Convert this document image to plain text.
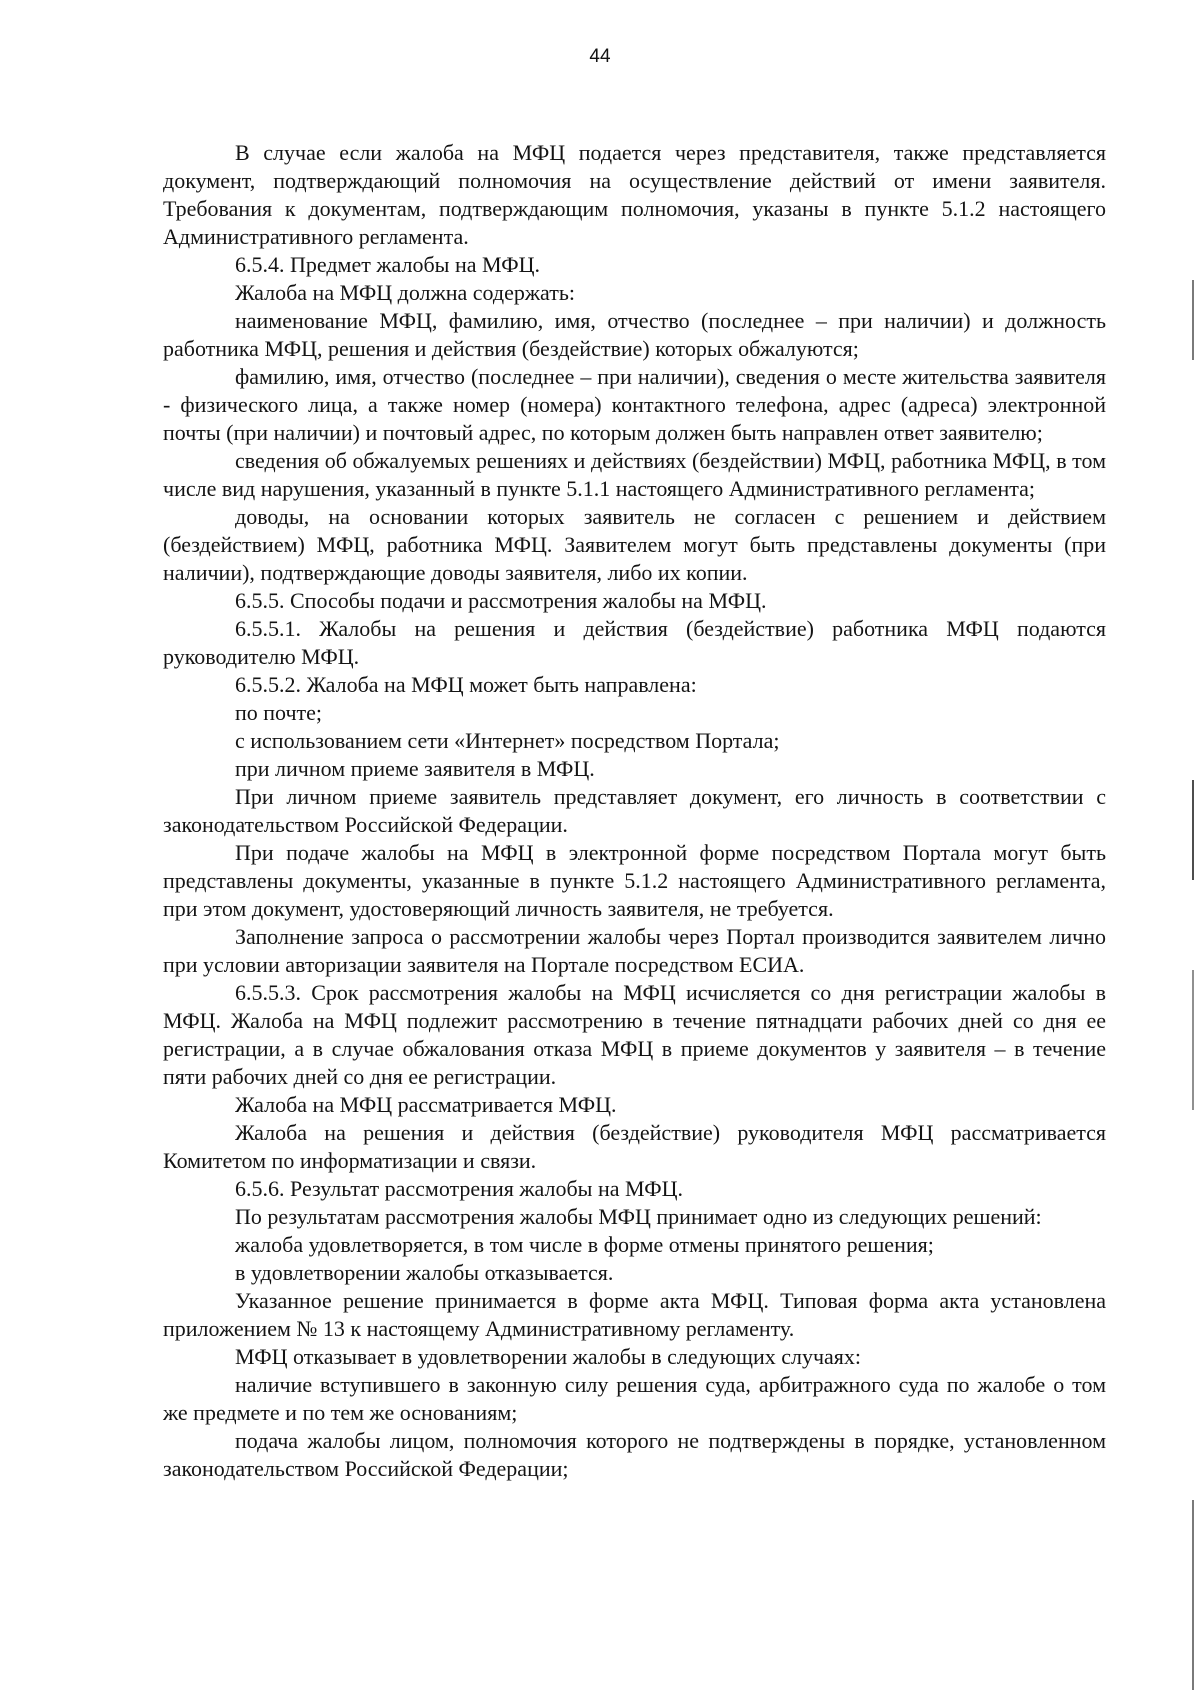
44

В случае если жалоба на МФЦ подается через представителя, также представляется документ, подтверждающий полномочия на осуществление действий от имени заявителя. Требования к документам, подтверждающим полномочия, указаны в пункте 5.1.2 настоящего Административного регламента.

6.5.4. Предмет жалобы на МФЦ.

Жалоба на МФЦ должна содержать:

наименование МФЦ, фамилию, имя, отчество (последнее – при наличии) и должность работника МФЦ, решения и действия (бездействие) которых обжалуются;

фамилию, имя, отчество (последнее – при наличии), сведения о месте жительства заявителя - физического лица, а также номер (номера) контактного телефона, адрес (адреса) электронной почты (при наличии) и почтовый адрес, по которым должен быть направлен ответ заявителю;

сведения об обжалуемых решениях и действиях (бездействии) МФЦ, работника МФЦ, в том числе вид нарушения, указанный в пункте 5.1.1 настоящего Административного регламента;

доводы, на основании которых заявитель не согласен с решением и действием (бездействием) МФЦ, работника МФЦ. Заявителем могут быть представлены документы (при наличии), подтверждающие доводы заявителя, либо их копии.

6.5.5. Способы подачи и рассмотрения жалобы на МФЦ.

6.5.5.1. Жалобы на решения и действия (бездействие) работника МФЦ подаются руководителю МФЦ.

6.5.5.2. Жалоба на МФЦ может быть направлена:

по почте;

с использованием сети «Интернет» посредством Портала;

при личном приеме заявителя в МФЦ.

При личном приеме заявитель представляет документ, его личность в соответствии с законодательством Российской Федерации.

При подаче жалобы на МФЦ в электронной форме посредством Портала могут быть представлены документы, указанные в пункте 5.1.2 настоящего Административного регламента, при этом документ, удостоверяющий личность заявителя, не требуется.

Заполнение запроса о рассмотрении жалобы через Портал производится заявителем лично при условии авторизации заявителя на Портале посредством ЕСИА.

6.5.5.3. Срок рассмотрения жалобы на МФЦ исчисляется со дня регистрации жалобы в МФЦ. Жалоба на МФЦ подлежит рассмотрению в течение пятнадцати рабочих дней со дня ее регистрации, а в случае обжалования отказа МФЦ в приеме документов у заявителя – в течение пяти рабочих дней со дня ее регистрации.

Жалоба на МФЦ рассматривается МФЦ.

Жалоба на решения и действия (бездействие) руководителя МФЦ рассматривается Комитетом по информатизации и связи.

6.5.6. Результат рассмотрения жалобы на МФЦ.

По результатам рассмотрения жалобы МФЦ принимает одно из следующих решений:

жалоба удовлетворяется, в том числе в форме отмены принятого решения;

в удовлетворении жалобы отказывается.

Указанное решение принимается в форме акта МФЦ. Типовая форма акта установлена приложением № 13 к настоящему Административному регламенту.

МФЦ отказывает в удовлетворении жалобы в следующих случаях:

наличие вступившего в законную силу решения суда, арбитражного суда по жалобе о том же предмете и по тем же основаниям;

подача жалобы лицом, полномочия которого не подтверждены в порядке, установленном законодательством Российской Федерации;
